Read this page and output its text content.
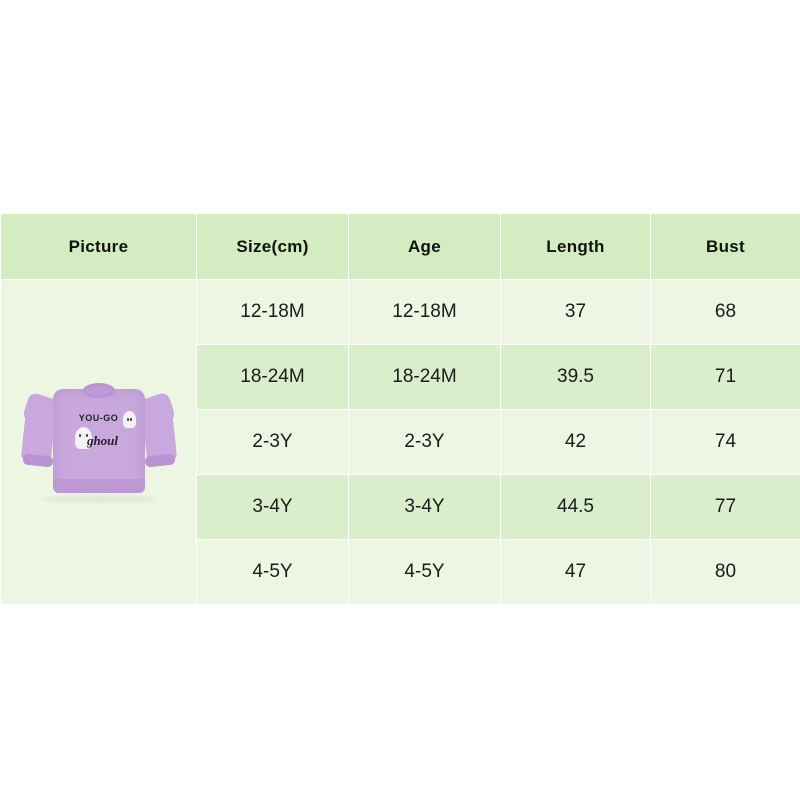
Picture	Size(cm)	Age	Length	Bust

YOU-GO
ghoul	12-18M	12-18M	37	68
	18-24M	18-24M	39.5	71
	2-3Y	2-3Y	42	74
	3-4Y	3-4Y	44.5	77
	4-5Y	4-5Y	47	80
